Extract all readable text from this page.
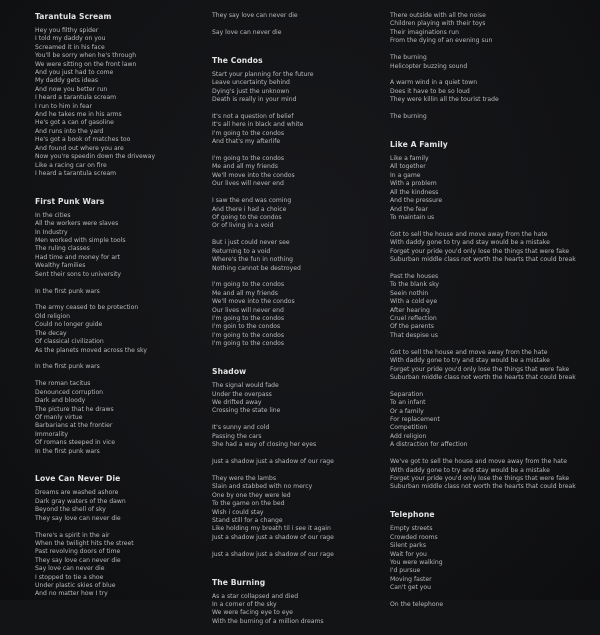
Tarantula Scream
Hey you filthy spider
I told my daddy on you
Screamed it in his face
You'll be sorry when he's through
We were sitting on the front lawn
And you just had to come
My daddy gets ideas
And now you better run
I heard a tarantula scream
I run to him in fear
And he takes me in his arms
He's got a can of gasoline
And runs into the yard
He's got a book of matches too
And found out where you are
Now you're speedin down the driveway
Like a racing car on fire
I heard a tarantula scream
First Punk Wars
In the cities
All the workers were slaves
In Industry
Men worked with simple tools
The ruling classes
Had time and money for art
Wealthy families
Sent their sons to university
In the first punk wars
The army ceased to be protection
Old religion
Could no longer guide
The decay
Of classical civilization
As the planets moved across the sky
In the first punk wars
The roman tacitus
Denounced corruption
Dark and bloody
The picture that he draws
Of manly virtue
Barbarians at the frontier
Immorality
Of romans steeped in vice
In the first punk wars
Love Can Never Die
Dreams are washed ashore
Dark gray waters of the dawn
Beyond the shell of sky
They say love can never die
There's a spirit in the air
When the twilight hits the street
Past revolving doors of time
They say love can never die
Say love can never die
I stopped to tie a shoe
Under plastic skies of blue
And no matter how I try
They say love can never die
Say love can never die
The Condos
Start your planning for the future
Leave uncertainty behind
Dying's just the unknown
Death is really in your mind
It's not a question of belief
It's all here in black and white
I'm going to the condos
And that's my afterlife
I'm going to the condos
Me and all my friends
We'll move into the condos
Our lives will never end
I saw the end was coming
And there i had a choice
Of going to the condos
Or of living in a void
But i just could never see
Returning to a void
Where's the fun in nothing
Nothing cannot be destroyed
I'm going to the condos
Me and all my friends
We'll move into the condos
Our lives will never end
I'm going to the condos
I'm goin to the condos
I'm going to the condos
I'm going to the condos
Shadow
The signal would fade
Under the overpass
We drifted away
Crossing the state line
It's sunny and cold
Passing the cars
She had a way of closing her eyes
Just a shadow just a shadow of our rage
They were the lambs
Slain and stabbed with no mercy
One by one they were led
To the game on the bed
Wish i could stay
Stand still for a change
Like holding my breath til i see it again
Just a shadow just a shadow of our rage
Just a shadow just a shadow of our rage
The Burning
As a star collapsed and died
In a corner of the sky
We were facing eye to eye
With the burning of a million dreams
There outside with all the noise
Children playing with their toys
Their imaginations run
From the dying of an evening sun
The burning
Helicopter buzzing sound
A warm wind in a quiet town
Does it have to be so loud
They were killin all the tourist trade
The burning
Like A Family
Like a family
All together
In a game
With a problem
All the kindness
And the pressure
And the fear
To maintain us
Got to sell the house and move away from the hate
With daddy gone to try and stay would be a mistake
Forget your pride you'd only lose the things that were fake
Suburban middle class not worth the hearts that could break
Past the houses
To the blank sky
Seein nothin
With a cold eye
After hearing
Cruel reflection
Of the parents
That despise us
Got to sell the house and move away from the hate
With daddy gone to try and stay would be a mistake
Forget your pride you'd only lose the things that were fake
Suburban middle class not worth the hearts that could break
Separation
To an infant
Or a family
For replacement
Competition
Add religion
A distraction for affection
We've got to sell the house and move away from the hate
With daddy gone to try and stay would be a mistake
Forget your pride you'd only lose the things that were fake
Suburban middle class not worth the hearts that could break
Telephone
Empty streets
Crowded rooms
Silent parks
Wait for you
You were walking
I'd pursue
Moving faster
Can't get you
On the telephone
